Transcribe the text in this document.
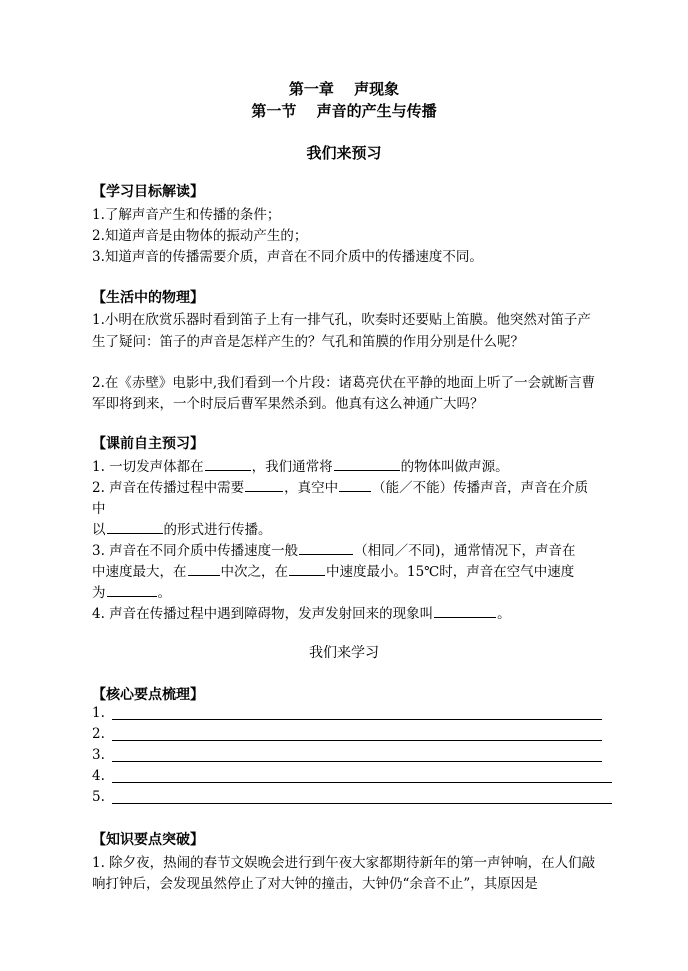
第一章　 声现象
第一节　 声音的产生与传播
我们来预习
【学习目标解读】
1.了解声音产生和传播的条件；
2.知道声音是由物体的振动产生的；
3.知道声音的传播需要介质，声音在不同介质中的传播速度不同。
【生活中的物理】
1.小明在欣赏乐器时看到笛子上有一排气孔，吹奏时还要贴上笛膜。他突然对笛子产
生了疑问：笛子的声音是怎样产生的？气孔和笛膜的作用分别是什么呢？
2.在《赤壁》电影中,我们看到一个片段：诸葛亮伏在平静的地面上听了一会就断言曹
军即将到来，一个时辰后曹军果然杀到。他真有这么神通广大吗？
【课前自主预习】
1. 一切发声体都在	，我们通常将	的物体叫做声源。
2. 声音在传播过程中需要	，真空中	（能／不能）传播声音，声音在介质
中
以	的形式进行传播。
3. 声音在不同介质中传播速度一般	（相同／不同)，通常情况下，声音在
中速度最大，在	中次之，在	中速度最小。15℃时，声音在空气中速度
为	。
4. 声音在传播过程中遇到障碍物，发声发射回来的现象叫	。
我们来学习
【核心要点梳理】
1.
2.
3.
4.
5.
【知识要点突破】
1. 除夕夜，热闹的春节文娱晚会进行到午夜大家都期待新年的第一声钟响，在人们敲
响打钟后，会发现虽然停止了对大钟的撞击，大钟仍“余音不止”，其原因是
